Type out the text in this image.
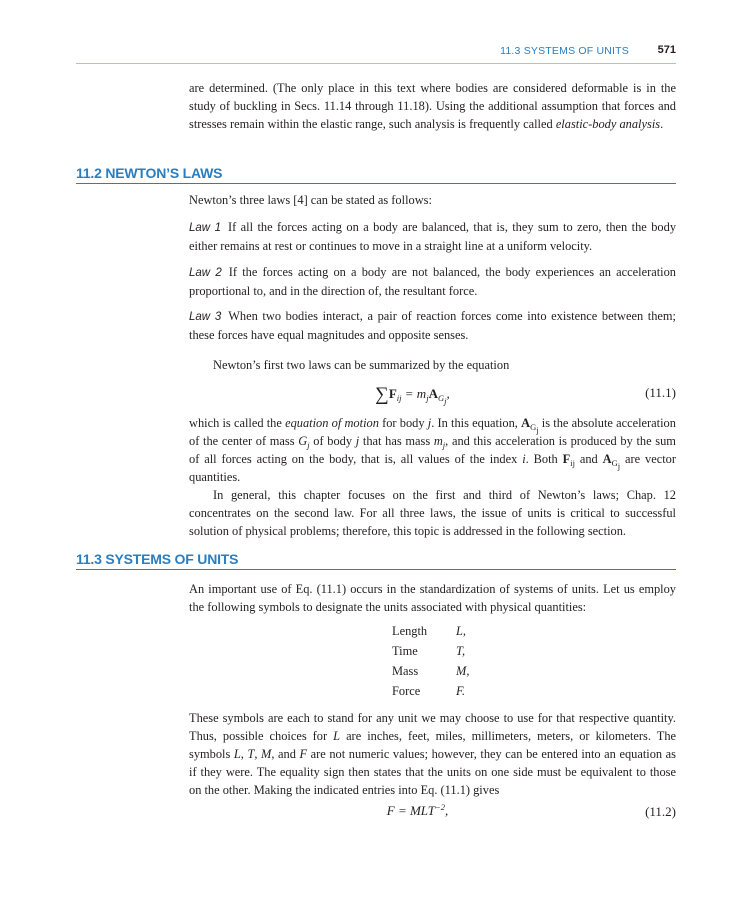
11.3 SYSTEMS OF UNITS	571

are determined. (The only place in this text where bodies are considered deformable is in the study of buckling in Secs. 11.14 through 11.18). Using the additional assumption that forces and stresses remain within the elastic range, such analysis is frequently called elastic-body analysis.

11.2 NEWTON’S LAWS

Newton’s three laws [4] can be stated as follows:

Law 1 If all the forces acting on a body are balanced, that is, they sum to zero, then the body either remains at rest or continues to move in a straight line at a uniform velocity.

Law 2 If the forces acting on a body are not balanced, the body experiences an acceleration proportional to, and in the direction of, the resultant force.

Law 3 When two bodies interact, a pair of reaction forces come into existence between them; these forces have equal magnitudes and opposite senses.

Newton’s first two laws can be summarized by the equation

$\sum F_{ij} = m_jA_{G_j}$,	(11.1)

which is called the equation of motion for body j. In this equation, $A_{G_j}$ is the absolute acceleration of the center of mass $G_j$ of body j that has mass $m_j$, and this acceleration is produced by the sum of all forces acting on the body, that is, all values of the index i. Both $F_{ij}$ and $A_{G_j}$ are vector quantities.

In general, this chapter focuses on the first and third of Newton’s laws; Chap. 12 concentrates on the second law. For all three laws, the issue of units is critical to successful solution of physical problems; therefore, this topic is addressed in the following section.

11.3 SYSTEMS OF UNITS

An important use of Eq. (11.1) occurs in the standardization of systems of units. Let us employ the following symbols to designate the units associated with physical quantities:

Length L,
Time	T,
Mass	M,
Force	F.

These symbols are each to stand for any unit we may choose to use for that respective quantity. Thus, possible choices for L are inches, feet, miles, millimeters, meters, or kilometers. The symbols L, T, M, and F are not numeric values; however, they can be entered into an equation as if they were. The equality sign then states that the units on one side must be equivalent to those on the other. Making the indicated entries into Eq. (11.1) gives

$F = MLT^{-2}$,	(11.2)
